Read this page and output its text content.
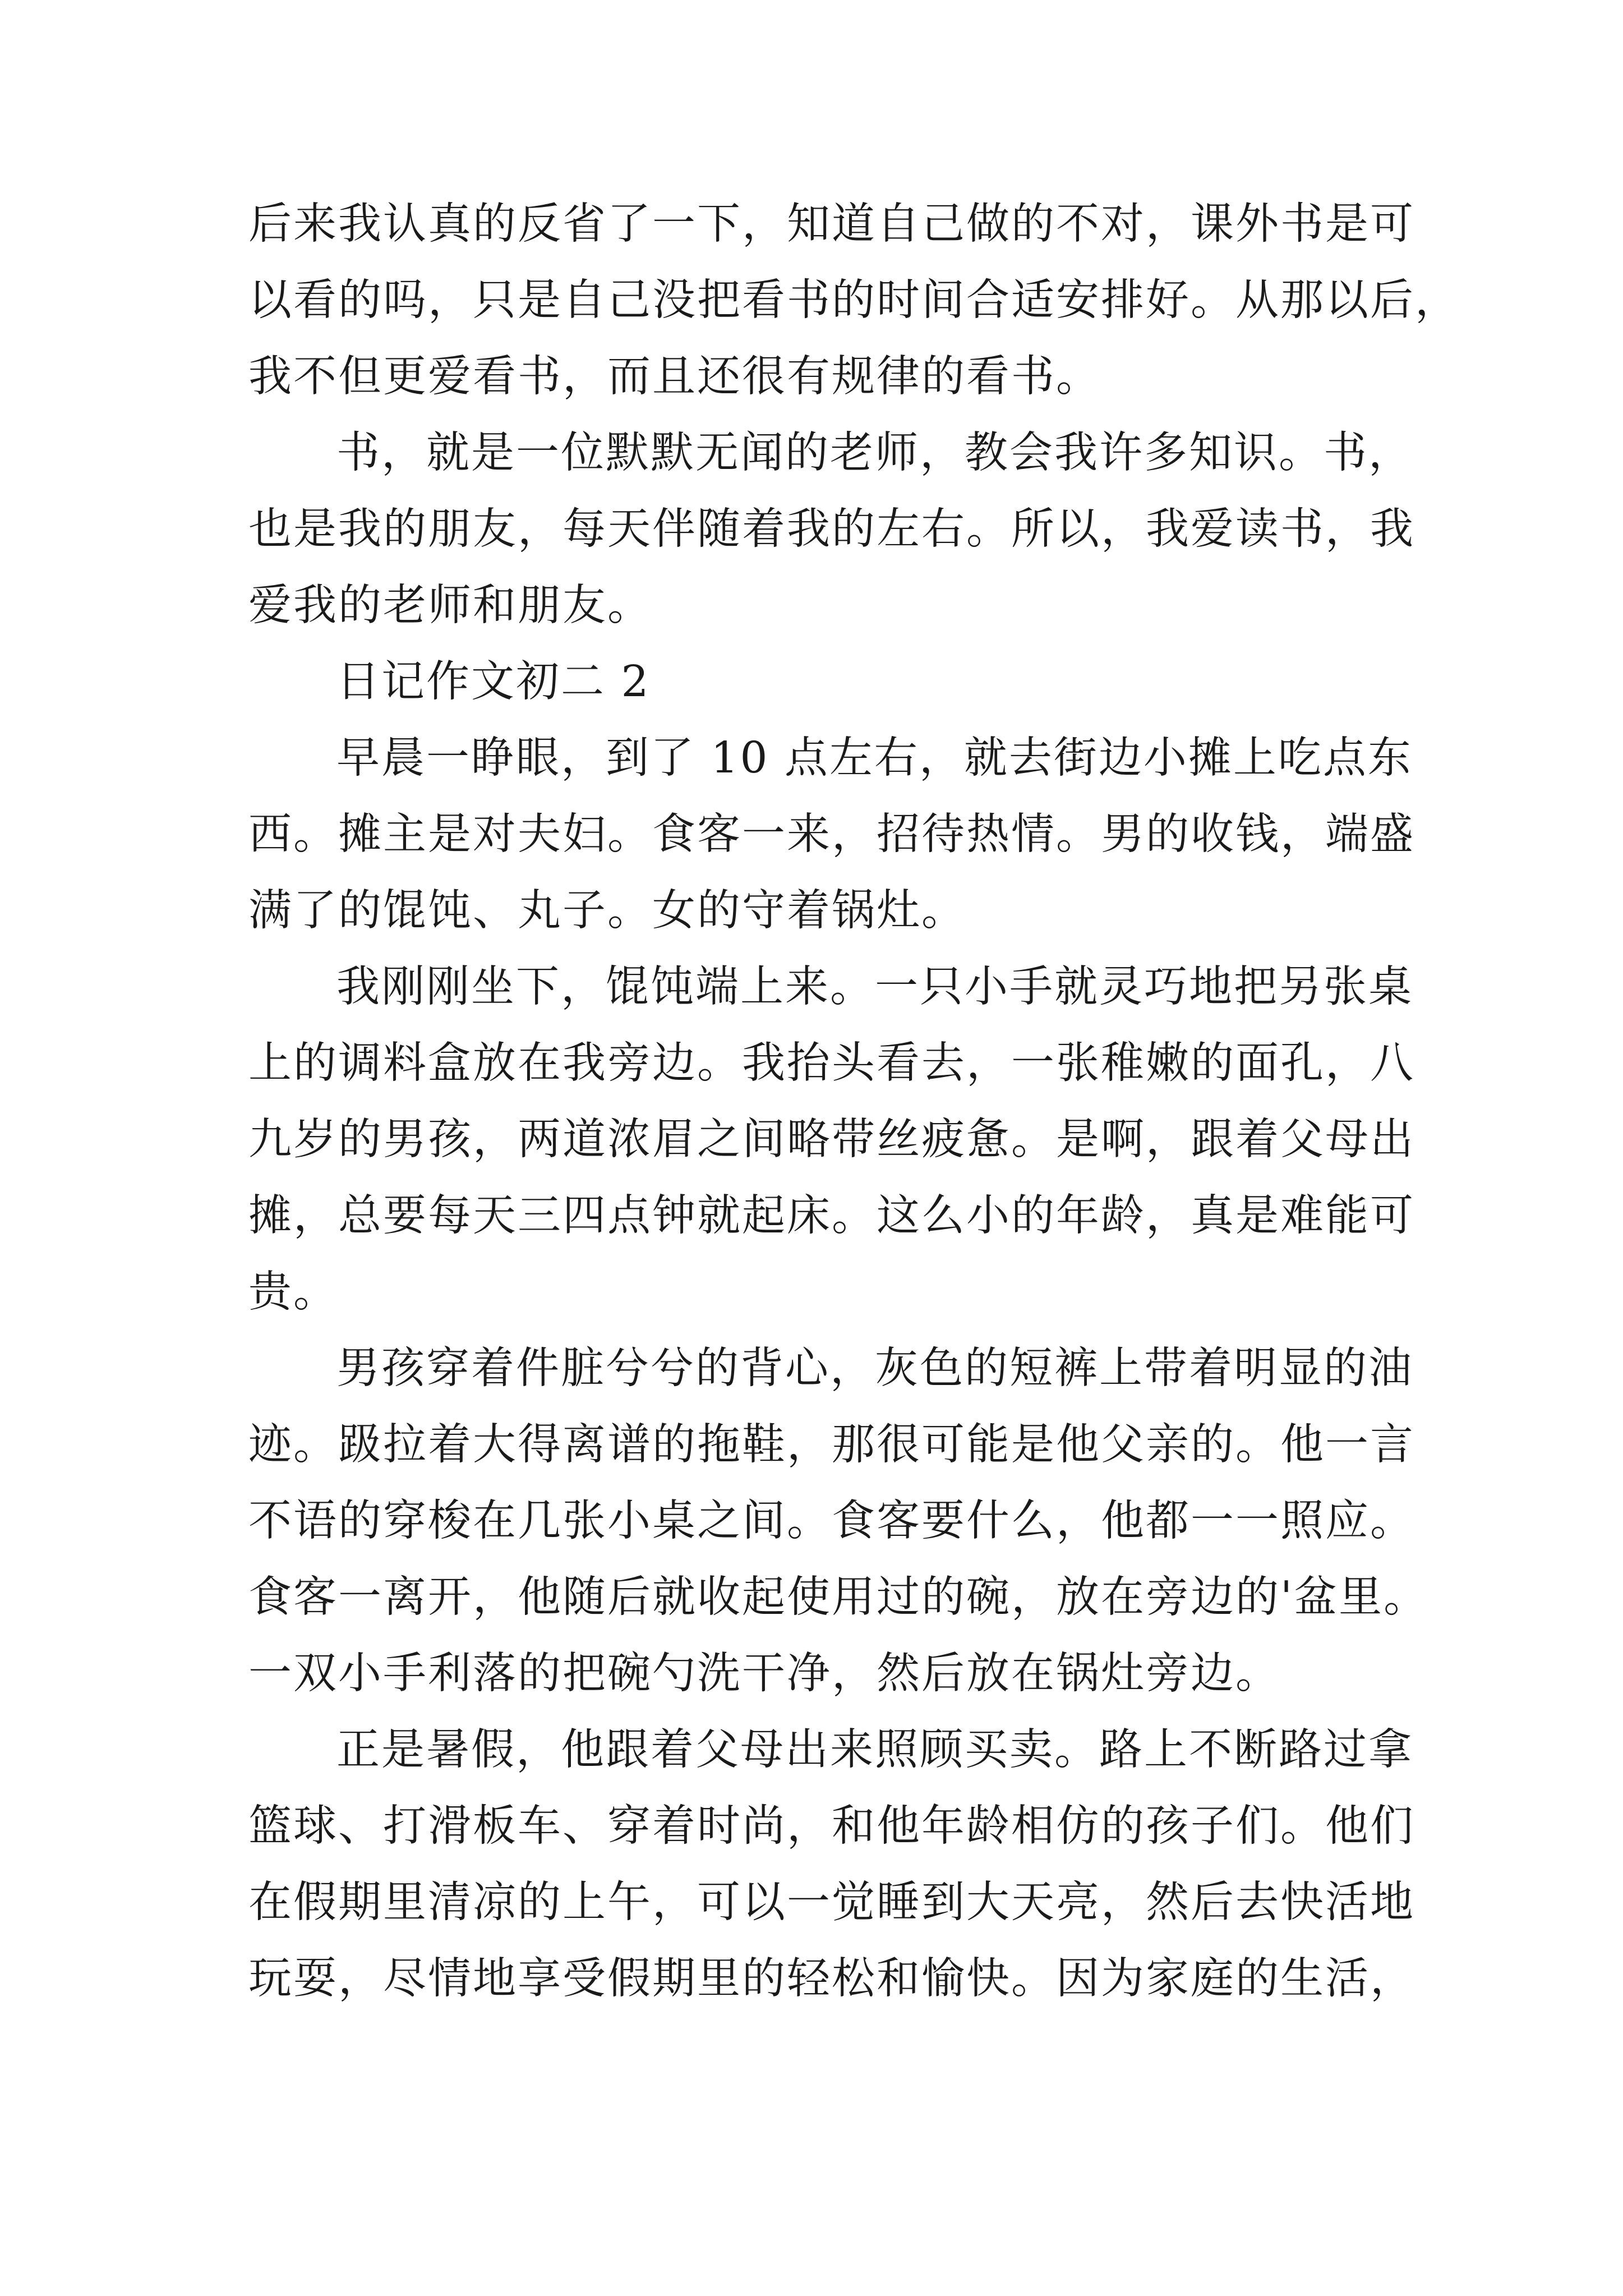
后来我认真的反省了一下，知道自己做的不对，课外书是可
以看的吗，只是自己没把看书的时间合适安排好。从那以后，
我不但更爱看书，而且还很有规律的看书。
书，就是一位默默无闻的老师，教会我许多知识。书，
也是我的朋友，每天伴随着我的左右。所以，我爱读书，我
爱我的老师和朋友。
日记作文初二 2
早晨一睁眼，到了 10 点左右，就去街边小摊上吃点东
西。摊主是对夫妇。食客一来，招待热情。男的收钱，端盛
满了的馄饨、丸子。女的守着锅灶。
我刚刚坐下，馄饨端上来。一只小手就灵巧地把另张桌
上的调料盒放在我旁边。我抬头看去，一张稚嫩的面孔，八
九岁的男孩，两道浓眉之间略带丝疲惫。是啊，跟着父母出
摊，总要每天三四点钟就起床。这么小的年龄，真是难能可
贵。
男孩穿着件脏兮兮的背心，灰色的短裤上带着明显的油
迹。趿拉着大得离谱的拖鞋，那很可能是他父亲的。他一言
不语的穿梭在几张小桌之间。食客要什么，他都一一照应。
食客一离开，他随后就收起使用过的碗，放在旁边的'盆里。
一双小手利落的把碗勺洗干净，然后放在锅灶旁边。
正是暑假，他跟着父母出来照顾买卖。路上不断路过拿
篮球、打滑板车、穿着时尚，和他年龄相仿的孩子们。他们
在假期里清凉的上午，可以一觉睡到大天亮，然后去快活地
玩耍，尽情地享受假期里的轻松和愉快。因为家庭的生活，
